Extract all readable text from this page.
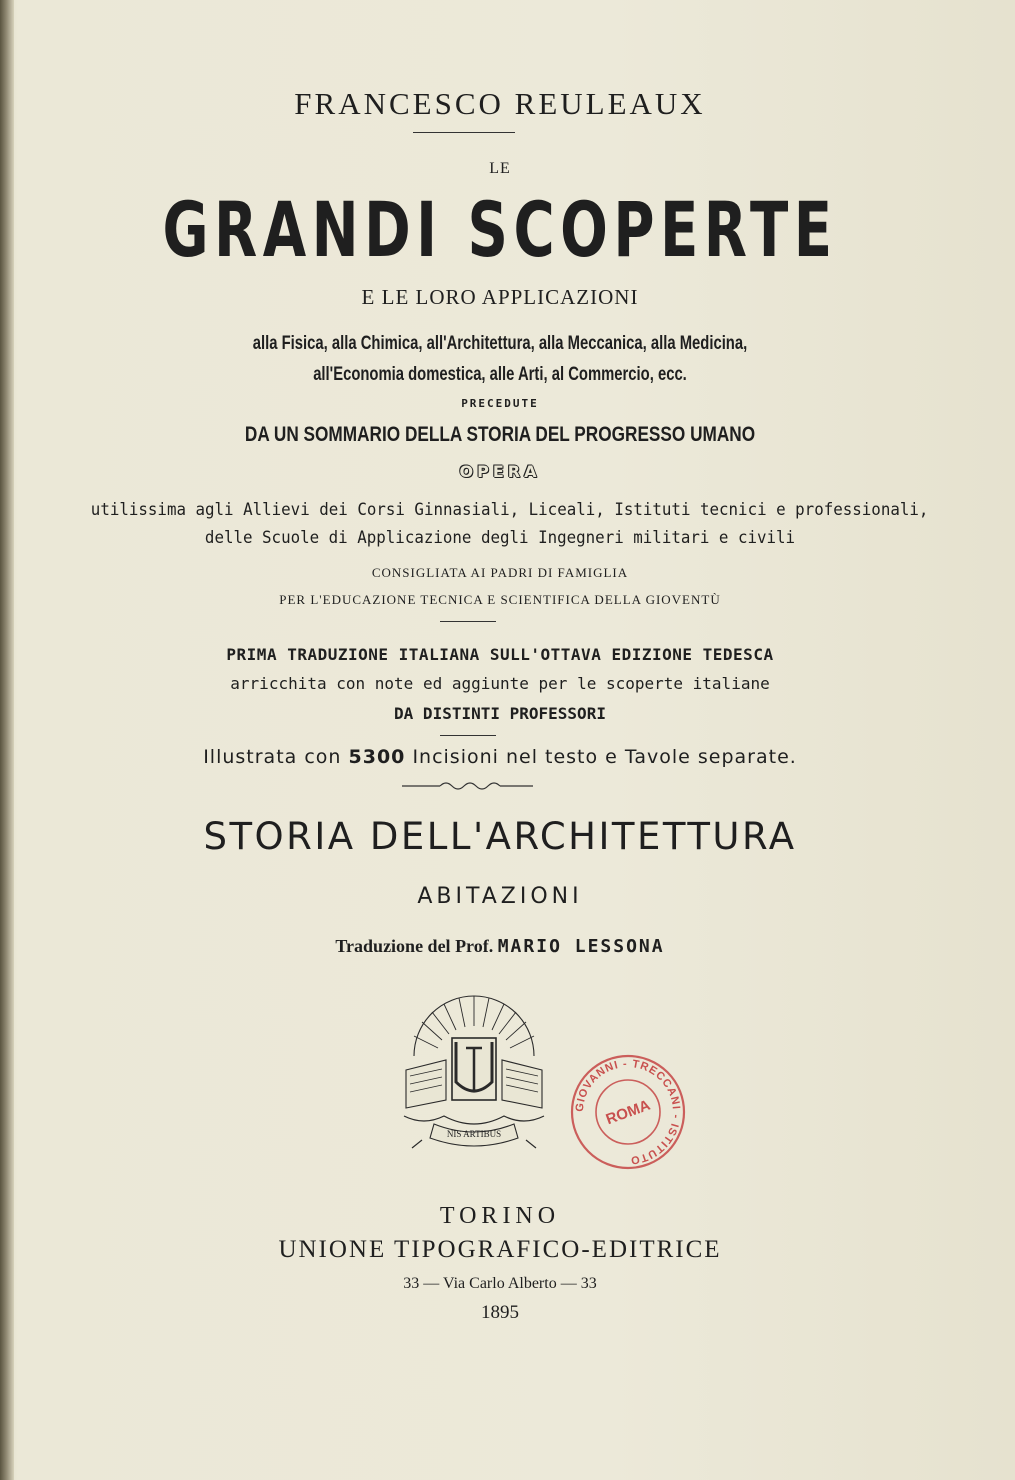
FRANCESCO REULEAUX
LE
GRANDI SCOPERTE
E LE LORO APPLICAZIONI
alla Fisica, alla Chimica, all'Architettura, alla Meccanica, alla Medicina,
all'Economia domestica, alle Arti, al Commercio, ecc.
PRECEDUTE
DA UN SOMMARIO DELLA STORIA DEL PROGRESSO UMANO
OPERA
utilissima agli Allievi dei Corsi Ginnasiali, Liceali, Istituti tecnici e professionali,
delle Scuole di Applicazione degli Ingegneri militari e civili
CONSIGLIATA AI PADRI DI FAMIGLIA
PER L'EDUCAZIONE TECNICA E SCIENTIFICA DELLA GIOVENTÙ
PRIMA TRADUZIONE ITALIANA SULL'OTTAVA EDIZIONE TEDESCA
arricchita con note ed aggiunte per le scoperte italiane
DA DISTINTI PROFESSORI
Illustrata con 5300 Incisioni nel testo e Tavole separate.
STORIA DELL'ARCHITETTURA
ABITAZIONI
Traduzione del Prof. MARIO LESSONA
NIS ARTIBUS
GIOVANNI - TRECCANI - ISTITUTO
ROMA
TORINO
UNIONE TIPOGRAFICO-EDITRICE
33 — Via Carlo Alberto — 33
1895
